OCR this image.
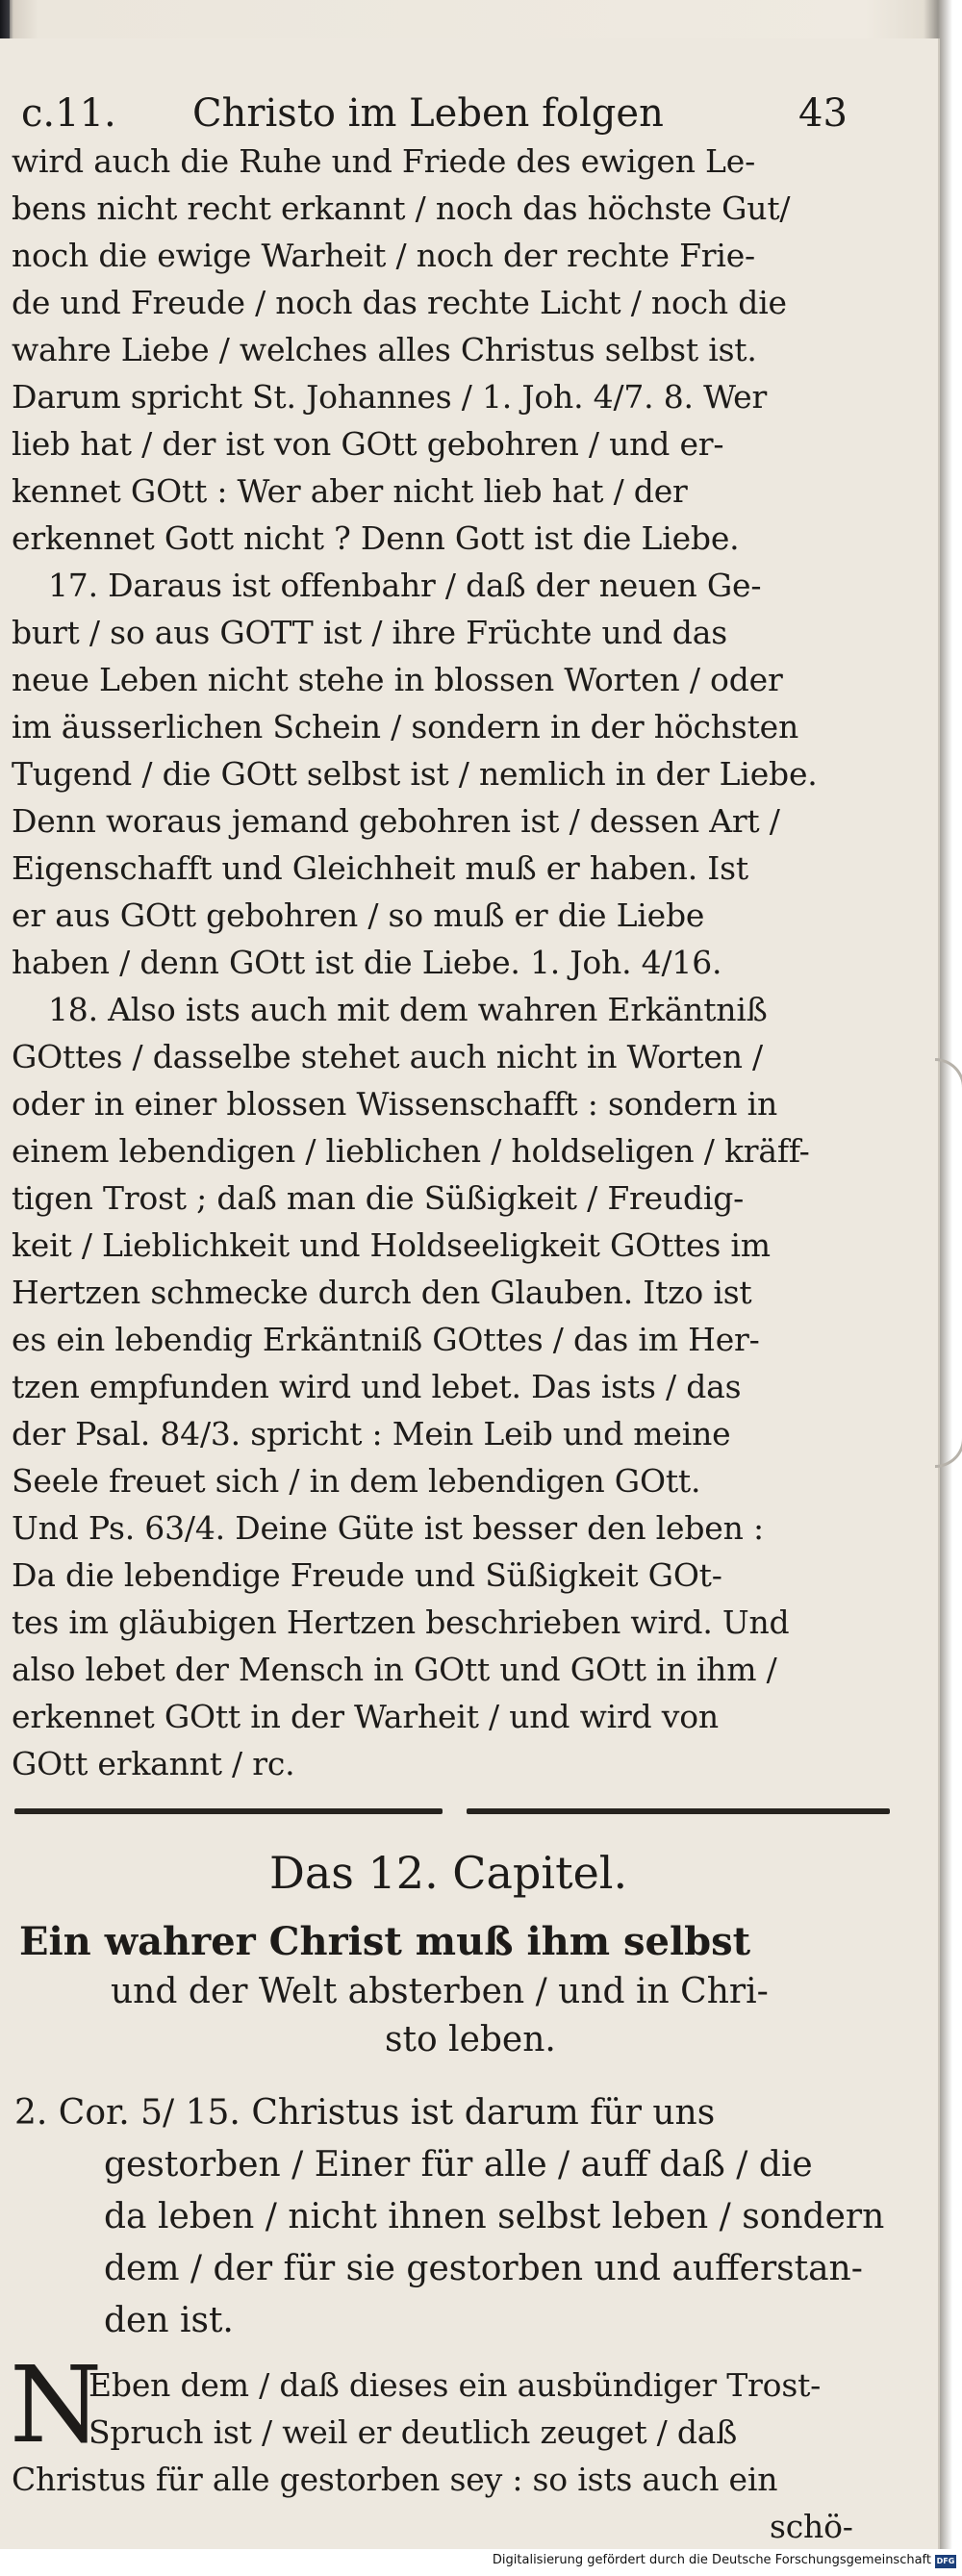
c.11. Christo im Leben folgen	43
wird auch die Ruhe und Friede des ewigen Le-
bens nicht recht erkannt / noch das höchste Gut/
noch die ewige Warheit / noch der rechte Frie-
de und Freude / noch das rechte Licht / noch die
wahre Liebe / welches alles Christus selbst ist.
Darum spricht St. Johannes / 1. Joh. 4/7. 8. Wer
lieb hat / der ist von GOtt gebohren / und er-
kennet GOtt : Wer aber nicht lieb hat / der
erkennet Gott nicht ? Denn Gott ist die Liebe.
17. Daraus ist offenbahr / daß der neuen Ge-
burt / so aus GOTT ist / ihre Früchte und das
neue Leben nicht stehe in blossen Worten / oder
im äusserlichen Schein / sondern in der höchsten
Tugend / die GOtt selbst ist / nemlich in der Liebe.
Denn woraus jemand gebohren ist / dessen Art /
Eigenschafft und Gleichheit muß er haben. Ist
er aus GOtt gebohren / so muß er die Liebe
haben / denn GOtt ist die Liebe. 1. Joh. 4/16.
18. Also ists auch mit dem wahren Erkäntniß
GOttes / dasselbe stehet auch nicht in Worten /
oder in einer blossen Wissenschafft : sondern in
einem lebendigen / lieblichen / holdseligen / kräff-
tigen Trost ; daß man die Süßigkeit / Freudig-
keit / Lieblichkeit und Holdseeligkeit GOttes im
Hertzen schmecke durch den Glauben. Itzo ist
es ein lebendig Erkäntniß GOttes / das im Her-
tzen empfunden wird und lebet. Das ists / das
der Psal. 84/3. spricht : Mein Leib und meine
Seele freuet sich / in dem lebendigen GOtt.
Und Ps. 63/4. Deine Güte ist besser den leben :
Da die lebendige Freude und Süßigkeit GOt-
tes im gläubigen Hertzen beschrieben wird. Und
also lebet der Mensch in GOtt und GOtt in ihm /
erkennet GOtt in der Warheit / und wird von
GOtt erkannt / rc.
Das 12. Capitel.
Ein wahrer Christ muß ihm selbst
und der Welt absterben / und in Chri-
sto leben.
2. Cor. 5/ 15. Christus ist darum für uns
gestorben / Einer für alle / auff daß / die
da leben / nicht ihnen selbst leben / sondern
dem / der für sie gestorben und aufferstan-
den ist.
N
Eben dem / daß dieses ein ausbündiger Trost-
Spruch ist / weil er deutlich zeuget / daß
Christus für alle gestorben sey : so ists auch ein
schö-
Digitalisierung gefördert durch die Deutsche Forschungsgemeinschaft DFG
